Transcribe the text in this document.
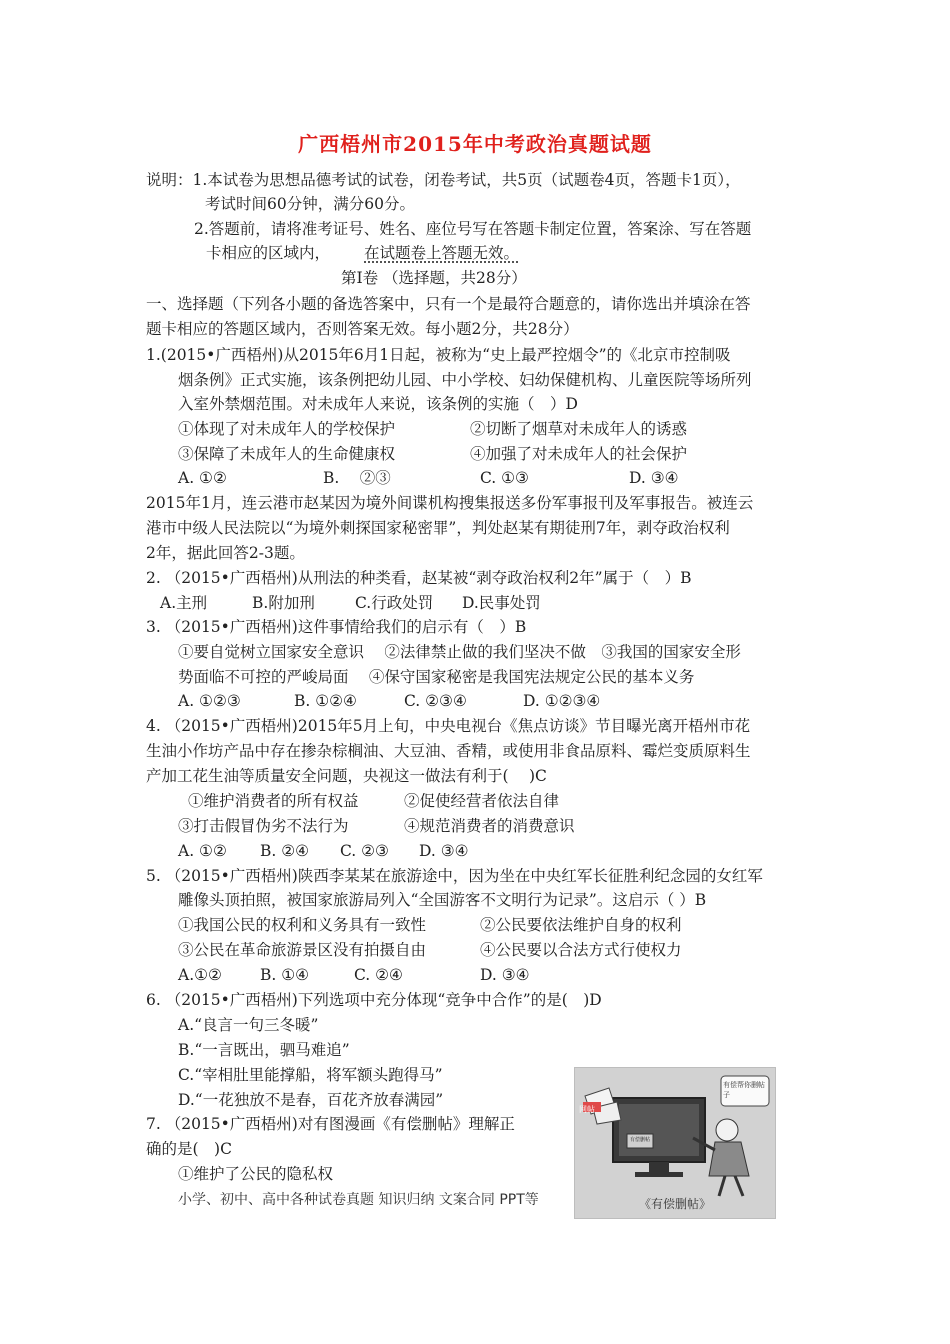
广西梧州市2015年中考政治真题试题
说明：1.本试卷为思想品德考试的试卷，闭卷考试，共5页（试题卷4页，答题卡1页），
考试时间60分钟，满分60分。
2.答题前，请将准考证号、姓名、座位号写在答题卡制定位置，答案涂、写在答题
卡相应的区域内， 在试题卷上答题无效。
第Ⅰ卷 （选择题，共28分）
一、选择题（下列各小题的备选答案中，只有一个是最符合题意的，请你选出并填涂在答
题卡相应的答题区域内，否则答案无效。每小题2分，共28分）
1.(2015•广西梧州)从2015年6月1日起，被称为“史上最严控烟令”的《北京市控制吸
烟条例》正式实施，该条例把幼儿园、中小学校、妇幼保健机构、儿童医院等场所列
入室外禁烟范围。对未成年人来说，该条例的实施（　）D
①体现了对未成年人的学校保护	②切断了烟草对未成年人的诱惑
③保障了未成年人的生命健康权	④加强了对未成年人的社会保护
A. ①②	B.　 ②③	C. ①③	D. ③④
2015年1月，连云港市赵某因为境外间谍机构搜集报送多份军事报刊及军事报告。被连云
港市中级人民法院以“为境外刺探国家秘密罪”，判处赵某有期徒刑7年，剥夺政治权利
2年，据此回答2-3题。
2. （2015•广西梧州)从刑法的种类看，赵某被“剥夺政治权利2年”属于（　）B
A.主刑	B.附加刑	C.行政处罚 D.民事处罚
3. （2015•广西梧州)这件事情给我们的启示有（　）B
①要自觉树立国家安全意识　 ②法律禁止做的我们坚决不做　③我国的国家安全形
势面临不可控的严峻局面　 ④保守国家秘密是我国宪法规定公民的基本义务
A. ①②③	B. ①②④	C. ②③④	D. ①②③④
4. （2015•广西梧州)2015年5月上旬，中央电视台《焦点访谈》节目曝光离开梧州市花
生油小作坊产品中存在掺杂棕榈油、大豆油、香精，或使用非食品原料、霉烂变质原料生
产加工花生油等质量安全问题，央视这一做法有利于( 　)C
①维护消费者的所有权益	②促使经营者依法自律
③打击假冒伪劣不法行为	④规范消费者的消费意识
A. ①② B. ②④ C. ②③ D. ③④
5. （2015•广西梧州)陕西李某某在旅游途中，因为坐在中央红军长征胜利纪念园的女红军
雕像头顶拍照，被国家旅游局列入“全国游客不文明行为记录”。这启示（ ）B
①我国公民的权利和义务具有一致性	②公民要依法维护自身的权利
③公民在革命旅游景区没有拍摄自由	④公民要以合法方式行使权力
A.①② B. ①④	C. ②④	D. ③④
6. （2015•广西梧州)下列选项中充分体现“竞争中合作”的是(　)D
A.“良言一句三冬暖”
B.“一言既出，驷马难追”
C.“宰相肚里能撑船，将军额头跑得马”
D.“一花独放不是春，百花齐放春满园”
7. （2015•广西梧州)对有图漫画《有偿删帖》理解正
确的是(　)C
①维护了公民的隐私权
小学、初中、高中各种试卷真题 知识归纳 文案合同 PPT等
网帖
有偿帮你删帖子
有偿删帖
《有偿删帖》
